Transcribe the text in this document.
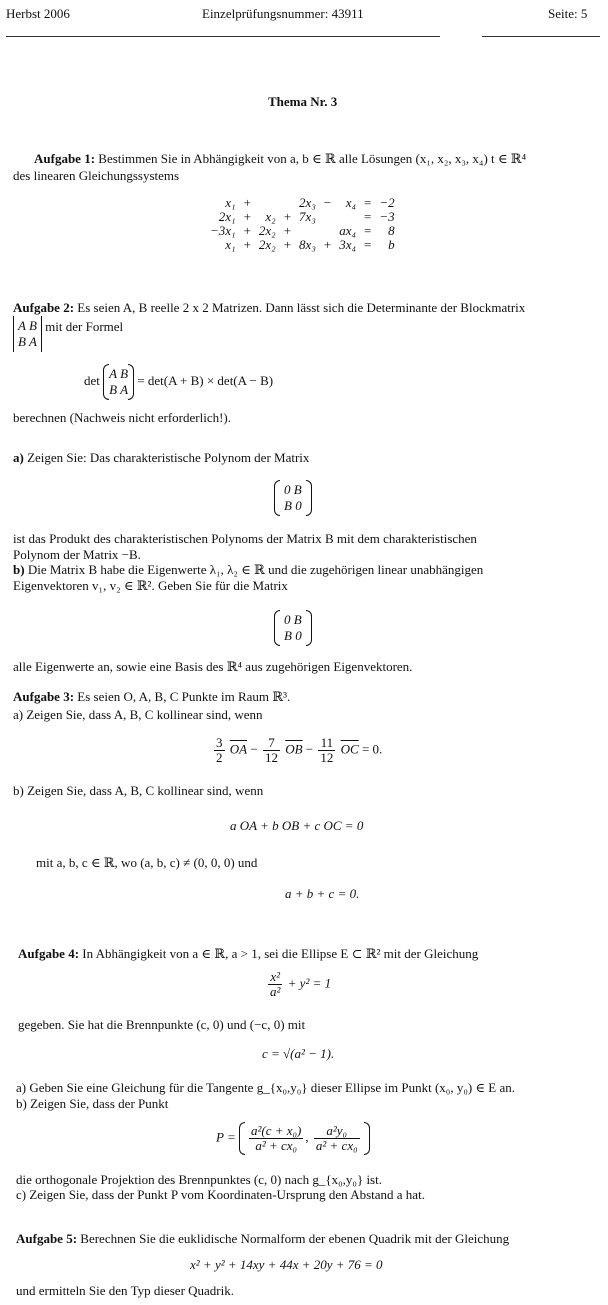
Herbst 2006	Einzelprüfungsnummer: 43911	Seite: 5
Thema Nr. 3
Aufgabe 1: Bestimmen Sie in Abhängigkeit von a, b ∈ ℝ alle Lösungen (x₁, x₂, x₃, x₄) t ∈ ℝ⁴
des linearen Gleichungssystems
x₁	+			2x₃	−	x₄	=	−2
2x₁	+	x₂	+	7x₃			=	−3
−3x₁	+	2x₂	+			ax₄	=	8
x₁	+	2x₂	+	8x₃	+	3x₄	=	b
Aufgabe 2: Es seien A, B reelle 2 x 2 Matrizen. Dann lässt sich die Determinante der Blockmatrix
A B
B A
mit der Formel
det A B
B A
= det(A + B) × det(A − B)
berechnen (Nachweis nicht erforderlich!).
a) Zeigen Sie: Das charakteristische Polynom der Matrix
0 B
B 0
ist das Produkt des charakteristischen Polynoms der Matrix B mit dem charakteristischen
Polynom der Matrix −B.
b) Die Matrix B habe die Eigenwerte λ₁, λ₂ ∈ ℝ und die zugehörigen linear unabhängigen
Eigenvektoren v₁, v₂ ∈ ℝ². Geben Sie für die Matrix
0 B
B 0
alle Eigenwerte an, sowie eine Basis des ℝ⁴ aus zugehörigen Eigenvektoren.
Aufgabe 3: Es seien O, A, B, C Punkte im Raum ℝ³.
a) Zeigen Sie, dass A, B, C kollinear sind, wenn
$\frac{3}{2} \overline{OA} - \frac{7}{12} \overline{OB} - \frac{11}{12} \overline{OC} = 0$.
b) Zeigen Sie, dass A, B, C kollinear sind, wenn
a OA + b OB + c OC = 0
mit a, b, c ∈ ℝ, wo (a, b, c) ≠ (0, 0, 0) und
a + b + c = 0.
Aufgabe 4: In Abhängigkeit von a ∈ ℝ, a > 1, sei die Ellipse E ⊂ ℝ² mit der Gleichung
$\frac{\text{x²}}{\text{a²}} + y^2 = 1$
gegeben. Sie hat die Brennpunkte (c, 0) und (−c, 0) mit
c = √(a² − 1).
a) Geben Sie eine Gleichung für die Tangente g_{x₀,y₀} dieser Ellipse im Punkt (x₀, y₀) ∈ E an.
b) Zeigen Sie, dass der Punkt
$P = \frac{\text{a²(c + x₀)}}{\text{a² + cx₀}}$ , $\frac{\text{a²y₀}}{\text{a² + cx₀}}$
die orthogonale Projektion des Brennpunktes (c, 0) nach g_{x₀,y₀} ist.
c) Zeigen Sie, dass der Punkt P vom Koordinaten-Ursprung den Abstand a hat.
Aufgabe 5: Berechnen Sie die euklidische Normalform der ebenen Quadrik mit der Gleichung
x² + y² + 14xy + 44x + 20y + 76 = 0
und ermitteln Sie den Typ dieser Quadrik.
